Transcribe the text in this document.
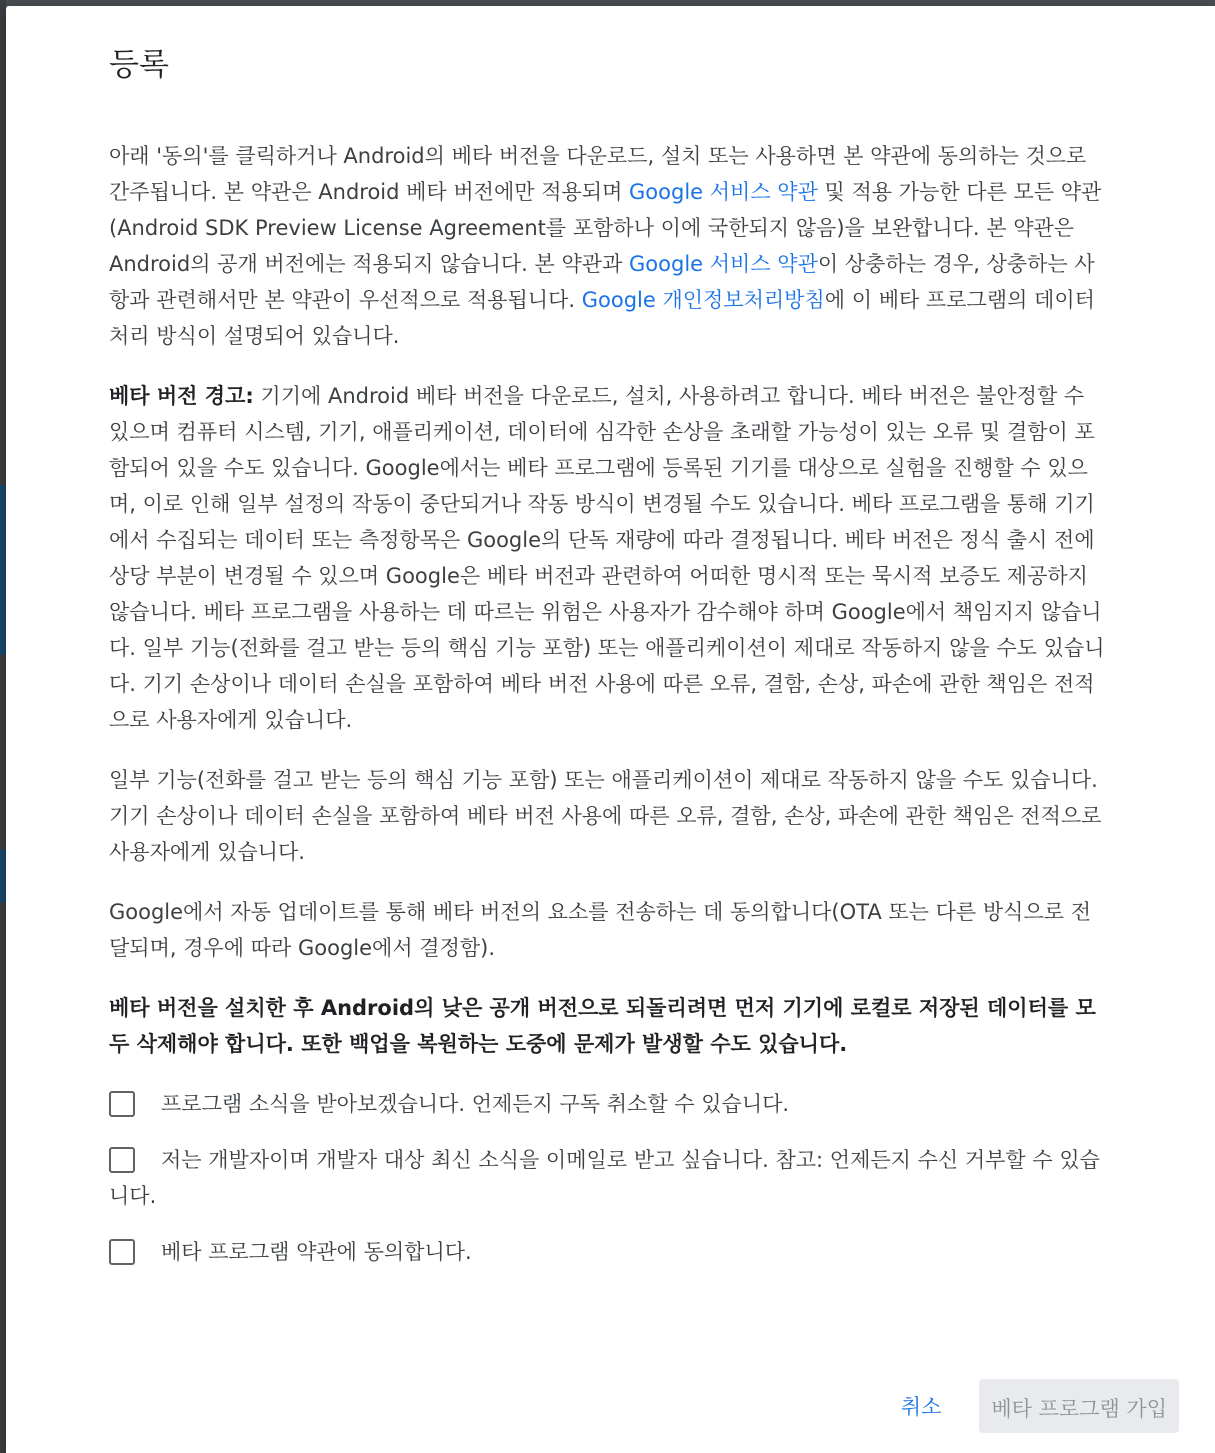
등록

아래 '동의'를 클릭하거나 Android의 베타 버전을 다운로드, 설치 또는 사용하면 본 약관에 동의하는 것으로 간주됩니다. 본 약관은 Android 베타 버전에만 적용되며 Google 서비스 약관 및 적용 가능한 다른 모든 약관(Android SDK Preview License Agreement를 포함하나 이에 국한되지 않음)을 보완합니다. 본 약관은 Android의 공개 버전에는 적용되지 않습니다. 본 약관과 Google 서비스 약관이 상충하는 경우, 상충하는 사항과 관련해서만 본 약관이 우선적으로 적용됩니다. Google 개인정보처리방침에 이 베타 프로그램의 데이터 처리 방식이 설명되어 있습니다.

베타 버전 경고: 기기에 Android 베타 버전을 다운로드, 설치, 사용하려고 합니다. 베타 버전은 불안정할 수 있으며 컴퓨터 시스템, 기기, 애플리케이션, 데이터에 심각한 손상을 초래할 가능성이 있는 오류 및 결함이 포함되어 있을 수도 있습니다. Google에서는 베타 프로그램에 등록된 기기를 대상으로 실험을 진행할 수 있으며, 이로 인해 일부 설정의 작동이 중단되거나 작동 방식이 변경될 수도 있습니다. 베타 프로그램을 통해 기기에서 수집되는 데이터 또는 측정항목은 Google의 단독 재량에 따라 결정됩니다. 베타 버전은 정식 출시 전에 상당 부분이 변경될 수 있으며 Google은 베타 버전과 관련하여 어떠한 명시적 또는 묵시적 보증도 제공하지 않습니다. 베타 프로그램을 사용하는 데 따르는 위험은 사용자가 감수해야 하며 Google에서 책임지지 않습니다. 일부 기능(전화를 걸고 받는 등의 핵심 기능 포함) 또는 애플리케이션이 제대로 작동하지 않을 수도 있습니다. 기기 손상이나 데이터 손실을 포함하여 베타 버전 사용에 따른 오류, 결함, 손상, 파손에 관한 책임은 전적으로 사용자에게 있습니다.

일부 기능(전화를 걸고 받는 등의 핵심 기능 포함) 또는 애플리케이션이 제대로 작동하지 않을 수도 있습니다. 기기 손상이나 데이터 손실을 포함하여 베타 버전 사용에 따른 오류, 결함, 손상, 파손에 관한 책임은 전적으로 사용자에게 있습니다.

Google에서 자동 업데이트를 통해 베타 버전의 요소를 전송하는 데 동의합니다(OTA 또는 다른 방식으로 전달되며, 경우에 따라 Google에서 결정함).

베타 버전을 설치한 후 Android의 낮은 공개 버전으로 되돌리려면 먼저 기기에 로컬로 저장된 데이터를 모두 삭제해야 합니다. 또한 백업을 복원하는 도중에 문제가 발생할 수도 있습니다.

프로그램 소식을 받아보겠습니다. 언제든지 구독 취소할 수 있습니다.
저는 개발자이며 개발자 대상 최신 소식을 이메일로 받고 싶습니다. 참고: 언제든지 수신 거부할 수 있습니다.
베타 프로그램 약관에 동의합니다.
취소	베타 프로그램 가입
